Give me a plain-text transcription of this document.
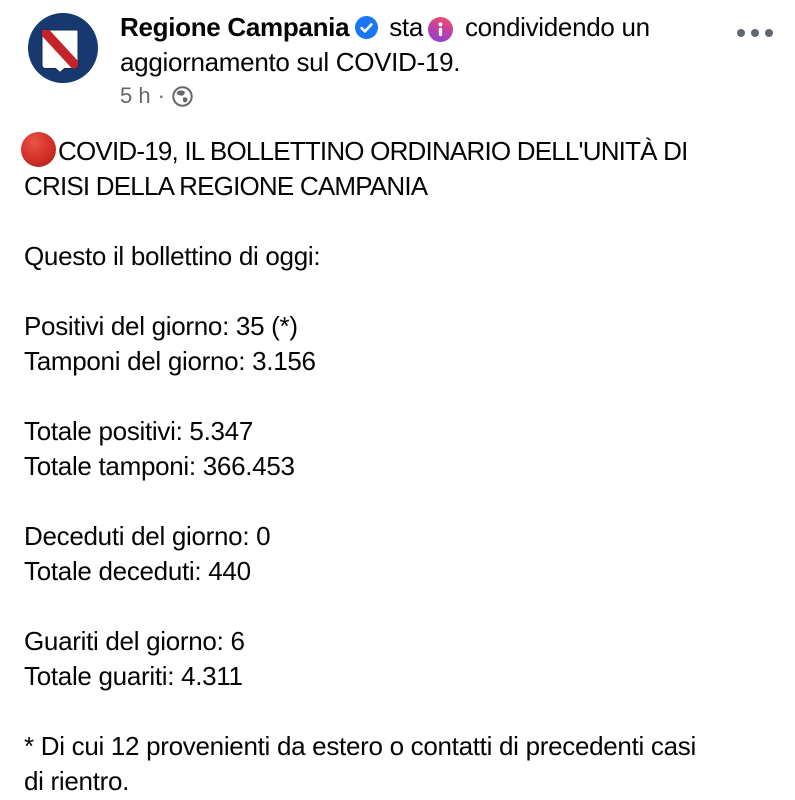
Regione Campania sta condividendo un aggiornamento sul COVID-19.
5 h ·
COVID-19, IL BOLLETTINO ORDINARIO DELL'UNITÀ DI
CRISI DELLA REGIONE CAMPANIA
Questo il bollettino di oggi:
Positivi del giorno: 35 (*)
Tamponi del giorno: 3.156
Totale positivi: 5.347
Totale tamponi: 366.453
Deceduti del giorno: 0
Totale deceduti: 440
Guariti del giorno: 6
Totale guariti: 4.311
* Di cui 12 provenienti da estero o contatti di precedenti casi
di rientro.
